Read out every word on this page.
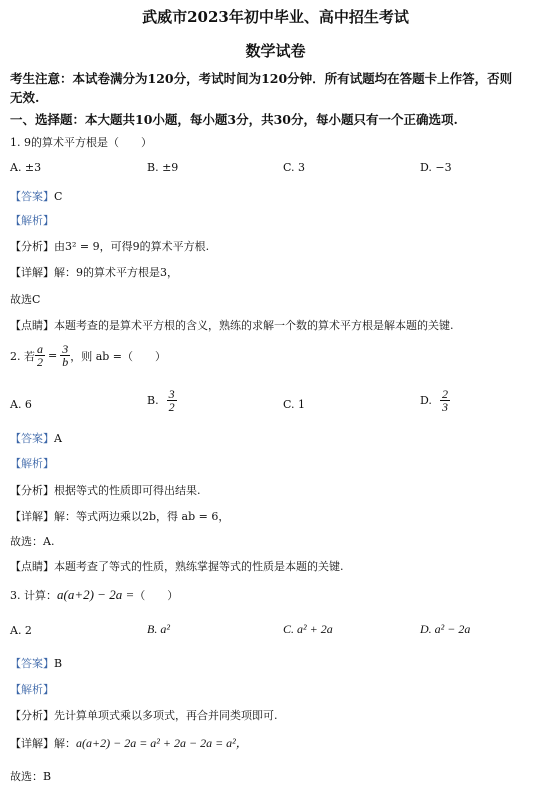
武威市2023年初中毕业、高中招生考试
数学试卷
考生注意：本试卷满分为120分，考试时间为120分钟．所有试题均在答题卡上作答，否则
无效.
一、选择题：本大题共10小题，每小题3分，共30分，每小题只有一个正确选项.
1. 9的算术平方根是（　　）
A. ±3	B. ±9	C. 3	D. −3
【答案】C
【解析】
【分析】由3² = 9，可得9的算术平方根.
【详解】解：9的算术平方根是3，
故选C
【点睛】本题考查的是算术平方根的含义，熟练的求解一个数的算术平方根是解本题的关键.
2. 若 $\frac{a}{2} = \frac{3}{b}$ ，则 ab =（　　）
A. 6	B. $\frac{3}{2}$	C. 1	D. $\frac{2}{3}$
【答案】A
【解析】
【分析】根据等式的性质即可得出结果.
【详解】解：等式两边乘以2b，得 ab = 6，
故选：A.
【点睛】本题考查了等式的性质，熟练掌握等式的性质是本题的关键.
3. 计算：a(a+2) − 2a =（　　）
A. 2	B. a²	C. a² + 2a	D. a² − 2a
【答案】B
【解析】
【分析】先计算单项式乘以多项式，再合并同类项即可.
【详解】解：a(a+2) − 2a = a² + 2a − 2a = a²，
故选：B
